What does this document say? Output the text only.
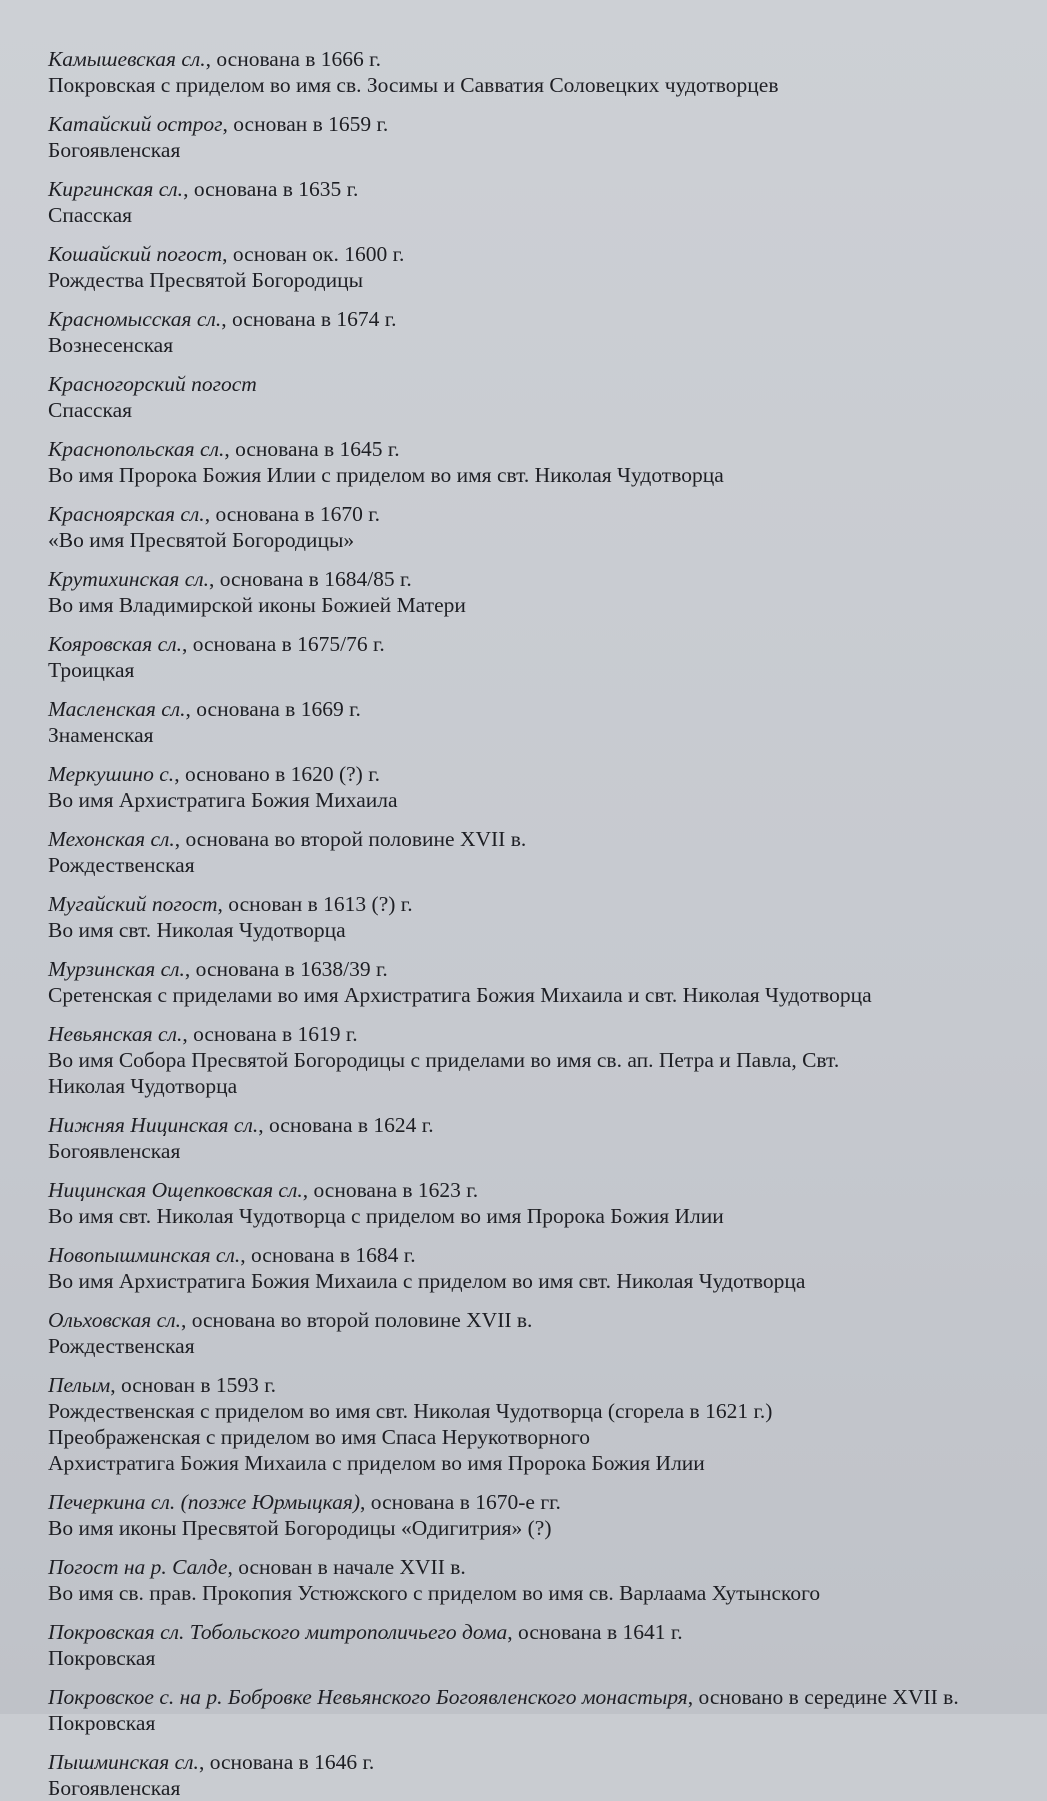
Камышевская сл., основана в 1666 г.
Покровская с приделом во имя св. Зосимы и Савватия Соловецких чудотворцев
Катайский острог, основан в 1659 г.
Богоявленская
Киргинская сл., основана в 1635 г.
Спасская
Кошайский погост, основан ок. 1600 г.
Рождества Пресвятой Богородицы
Красномысская сл., основана в 1674 г.
Вознесенская
Красногорский погост
Спасская
Краснопольская сл., основана в 1645 г.
Во имя Пророка Божия Илии с приделом во имя свт. Николая Чудотворца
Красноярская сл., основана в 1670 г.
«Во имя Пресвятой Богородицы»
Крутихинская сл., основана в 1684/85 г.
Во имя Владимирской иконы Божией Матери
Кояровская сл., основана в 1675/76 г.
Троицкая
Масленская сл., основана в 1669 г.
Знаменская
Меркушино с., основано в 1620 (?) г.
Во имя Архистратига Божия Михаила
Мехонская сл., основана во второй половине XVII в.
Рождественская
Мугайский погост, основан в 1613 (?) г.
Во имя свт. Николая Чудотворца
Мурзинская сл., основана в 1638/39 г.
Сретенская с приделами во имя Архистратига Божия Михаила и свт. Николая Чудотворца
Невьянская сл., основана в 1619 г.
Во имя Собора Пресвятой Богородицы с приделами во имя св. ап. Петра и Павла, Свт.
Николая Чудотворца
Нижняя Ницинская сл., основана в 1624 г.
Богоявленская
Ницинская Ощепковская сл., основана в 1623 г.
Во имя свт. Николая Чудотворца с приделом во имя Пророка Божия Илии
Новопышминская сл., основана в 1684 г.
Во имя Архистратига Божия Михаила с приделом во имя свт. Николая Чудотворца
Ольховская сл., основана во второй половине XVII в.
Рождественская
Пелым, основан в 1593 г.
Рождественская с приделом во имя свт. Николая Чудотворца (сгорела в 1621 г.)
Преображенская с приделом во имя Спаса Нерукотворного
Архистратига Божия Михаила с приделом во имя Пророка Божия Илии
Печеркина сл. (позже Юрмыцкая), основана в 1670-е гг.
Во имя иконы Пресвятой Богородицы «Одигитрия» (?)
Погост на р. Салде, основан в начале XVII в.
Во имя св. прав. Прокопия Устюжского с приделом во имя св. Варлаама Хутынского
Покровская сл. Тобольского митрополичьего дома, основана в 1641 г.
Покровская
Покровское с. на р. Бобровке Невьянского Богоявленского монастыря, основано в середине XVII в.
Покровская
Пышминская сл., основана в 1646 г.
Богоявленская
